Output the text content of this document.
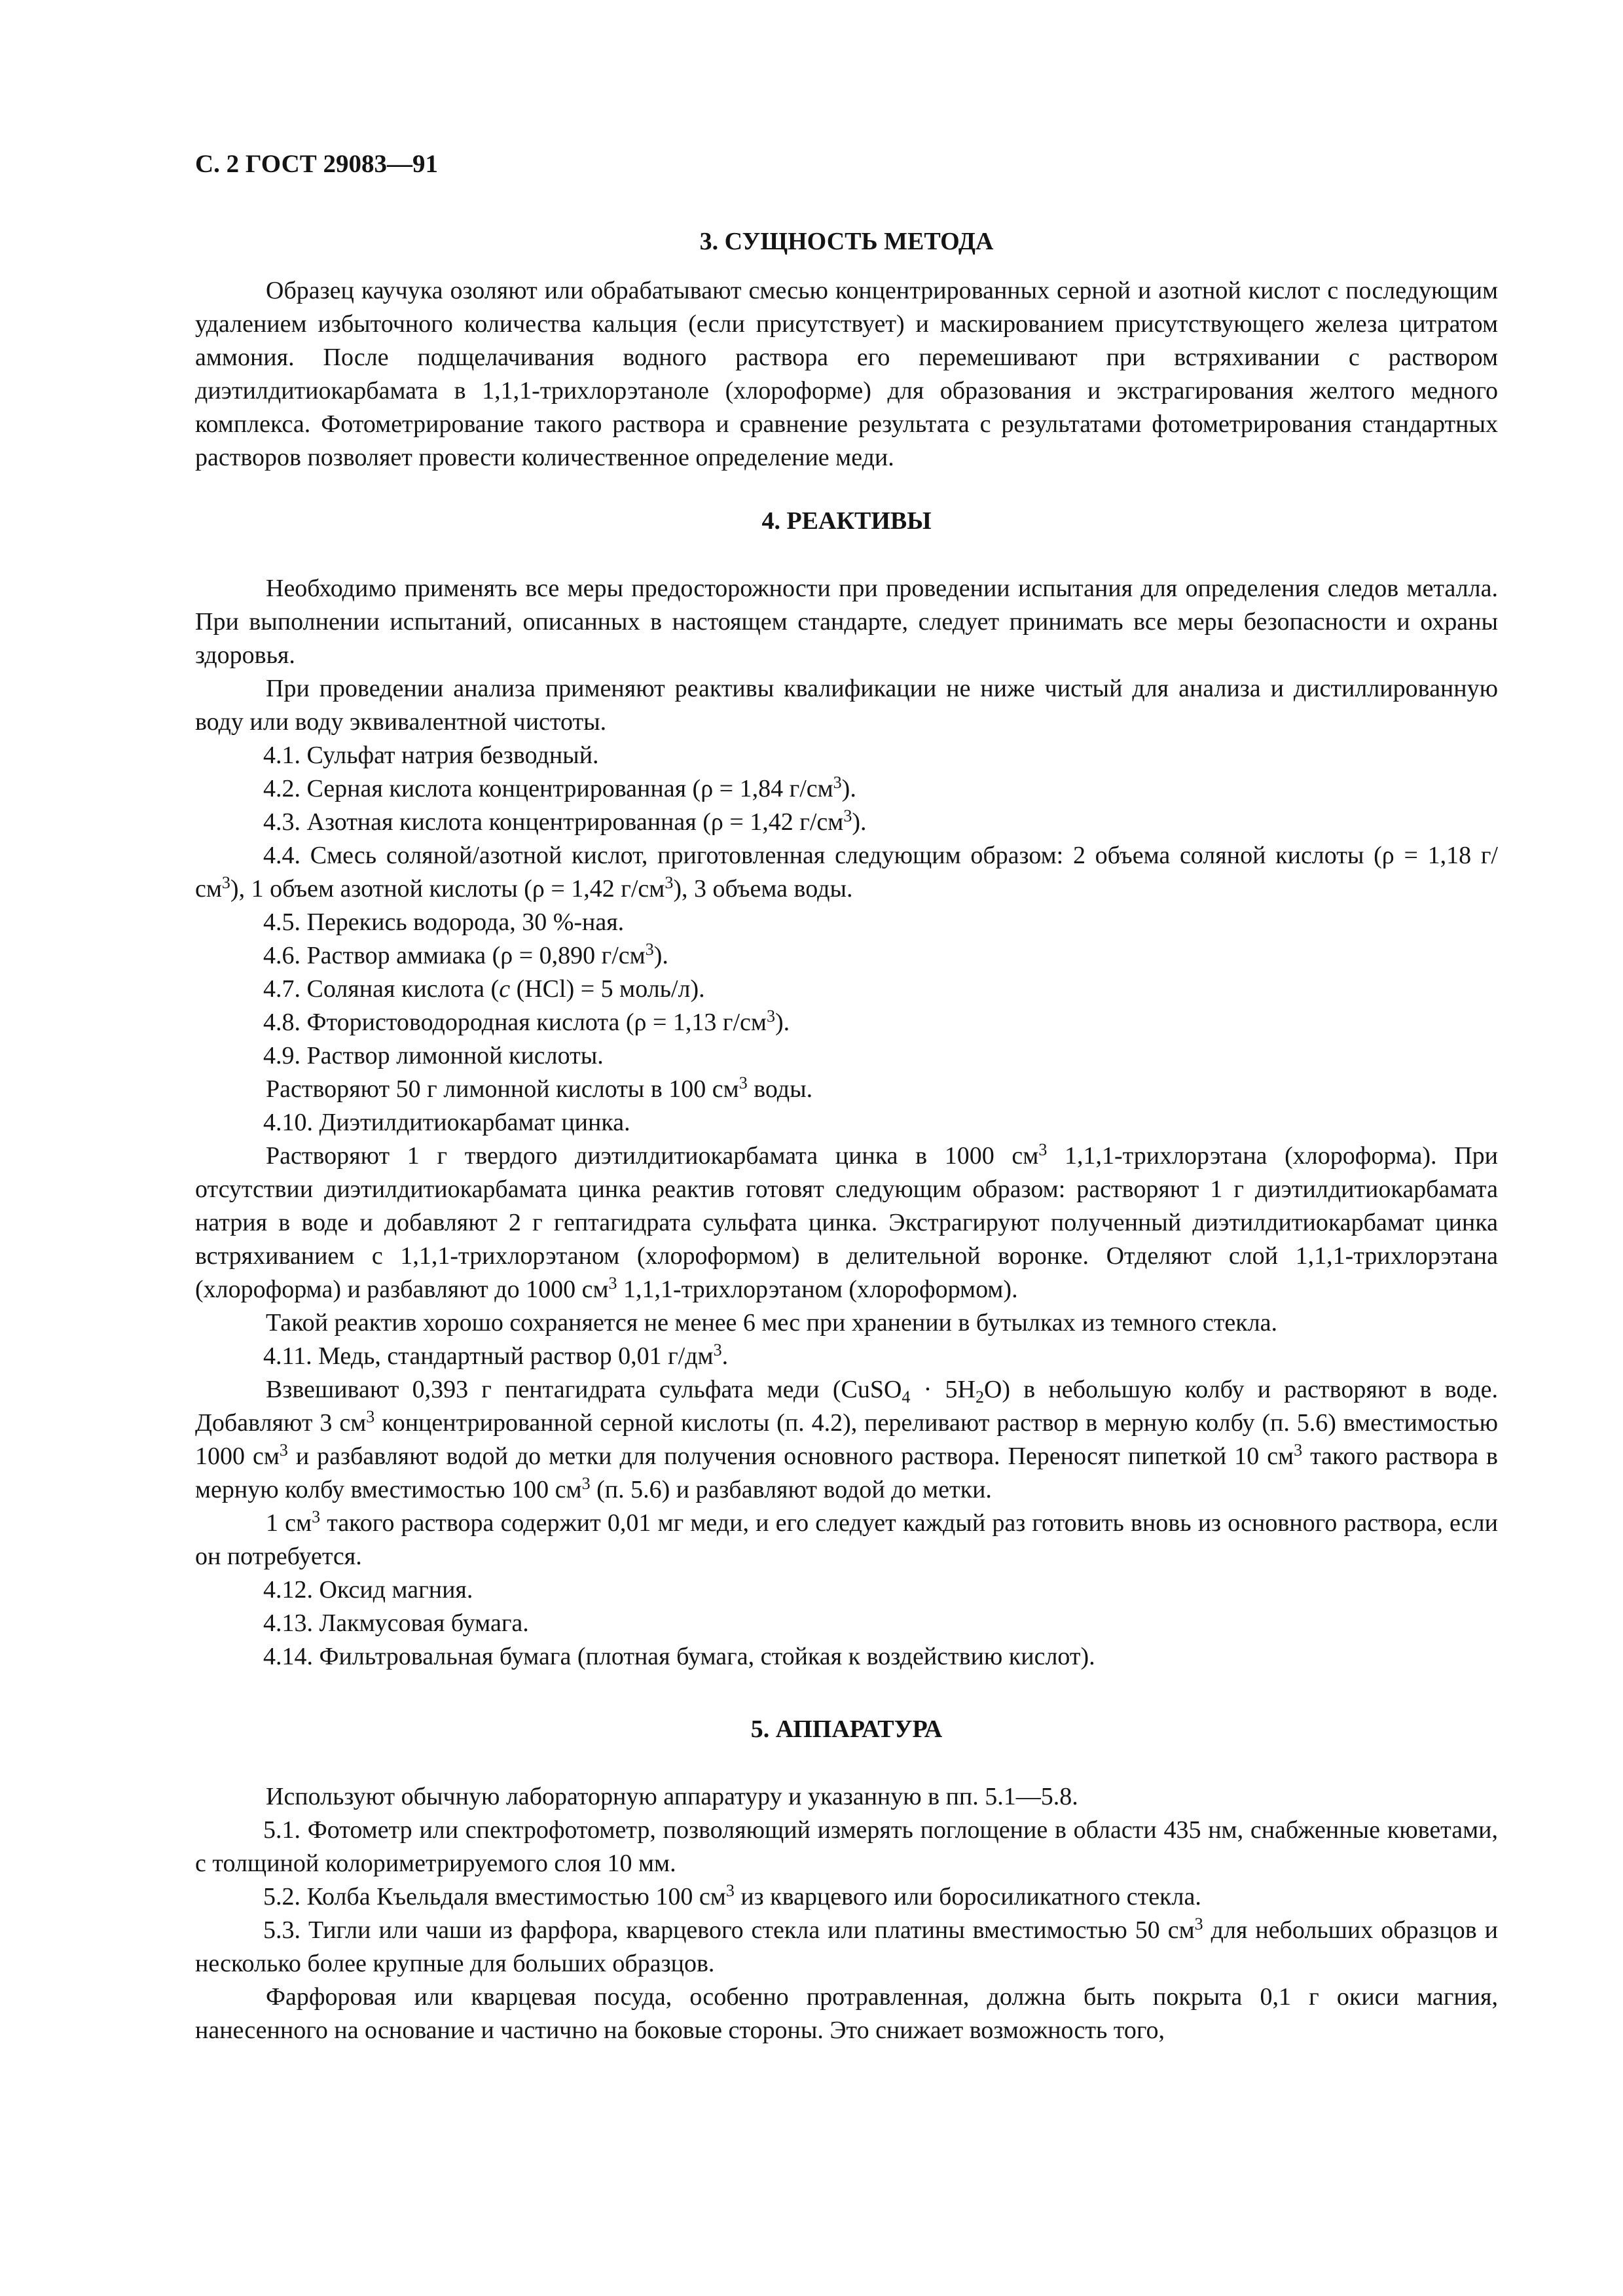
С. 2 ГОСТ 29083—91
3. СУЩНОСТЬ МЕТОДА

Образец каучука озоляют или обрабатывают смесью концентрированных серной и азотной кислот с последующим удалением избыточного количества кальция (если присутствует) и маскированием присутствующего железа цитратом аммония. После подщелачивания водного раствора его перемешивают при встряхивании с раствором диэтилдитиокарбамата в 1,1,1-трихлорэтаноле (хлороформе) для образования и экстрагирования желтого медного комплекса. Фотометрирование такого раствора и сравнение результата с результатами фотометрирования стандартных растворов позволяет провести количественное определение меди.

4. РЕАКТИВЫ

Необходимо применять все меры предосторожности при проведении испытания для определения следов металла. При выполнении испытаний, описанных в настоящем стандарте, следует принимать все меры безопасности и охраны здоровья.

При проведении анализа применяют реактивы квалификации не ниже чистый для анализа и дистиллированную воду или воду эквивалентной чистоты.

4.1. Сульфат натрия безводный.

4.2. Серная кислота концентрированная (ρ = 1,84 $г/см^3$).

4.3. Азотная кислота концентрированная (ρ = 1,42 $г/см^3$).

4.4. Смесь соляной/азотной кислот, приготовленная следующим образом: 2 объема соляной кислоты (ρ = 1,18 $г/см^3$), 1 объем азотной кислоты (ρ = 1,42 $г/см^3$), 3 объема воды.

4.5. Перекись водорода, 30 %-ная.

4.6. Раствор аммиака (ρ = 0,890 $г/см^3$).

4.7. Соляная кислота (c (HCl) = 5 моль/л).

4.8. Фтористоводородная кислота (ρ = 1,13 $г/см^3$).

4.9. Раствор лимонной кислоты.

Растворяют 50 г лимонной кислоты в 100 $см^3$ воды.

4.10. Диэтилдитиокарбамат цинка.

Растворяют 1 г твердого диэтилдитиокарбамата цинка в 1000 $см^3$ 1,1,1-трихлорэтана (хлороформа). При отсутствии диэтилдитиокарбамата цинка реактив готовят следующим образом: растворяют 1 г диэтилдитиокарбамата натрия в воде и добавляют 2 г гептагидрата сульфата цинка. Экстрагируют полученный диэтилдитиокарбамат цинка встряхиванием с 1,1,1-трихлорэтаном (хлороформом) в делительной воронке. Отделяют слой 1,1,1-трихлорэтана (хлороформа) и разбавляют до 1000 $см^3$ 1,1,1-трихлорэтаном (хлороформом).

Такой реактив хорошо сохраняется не менее 6 мес при хранении в бутылках из темного стекла.

4.11. Медь, стандартный раствор 0,01 $г/дм^3$.

Взвешивают 0,393 г пентагидрата сульфата меди (CuSO$_4$ · $5H_2O$) в небольшую колбу и растворяют в воде. Добавляют 3 $см^3$ концентрированной серной кислоты (п. 4.2), переливают раствор в мерную колбу (п. 5.6) вместимостью 1000 $см^3$ и разбавляют водой до метки для получения основного раствора. Переносят пипеткой 10 $см^3$ такого раствора в мерную колбу вместимостью 100 $см^3$ (п. 5.6) и разбавляют водой до метки.

1 $см^3$ такого раствора содержит 0,01 мг меди, и его следует каждый раз готовить вновь из основного раствора, если он потребуется.

4.12. Оксид магния.

4.13. Лакмусовая бумага.

4.14. Фильтровальная бумага (плотная бумага, стойкая к воздействию кислот).

5. АППАРАТУРА

Используют обычную лабораторную аппаратуру и указанную в пп. 5.1—5.8.

5.1. Фотометр или спектрофотометр, позволяющий измерять поглощение в области 435 нм, снабженные кюветами, с толщиной колориметрируемого слоя 10 мм.

5.2. Колба Къельдаля вместимостью 100 $см^3$ из кварцевого или боросиликатного стекла.

5.3. Тигли или чаши из фарфора, кварцевого стекла или платины вместимостью 50 $см^3$ для небольших образцов и несколько более крупные для больших образцов.

Фарфоровая или кварцевая посуда, особенно протравленная, должна быть покрыта 0,1 г окиси магния, нанесенного на основание и частично на боковые стороны. Это снижает возможность того,
